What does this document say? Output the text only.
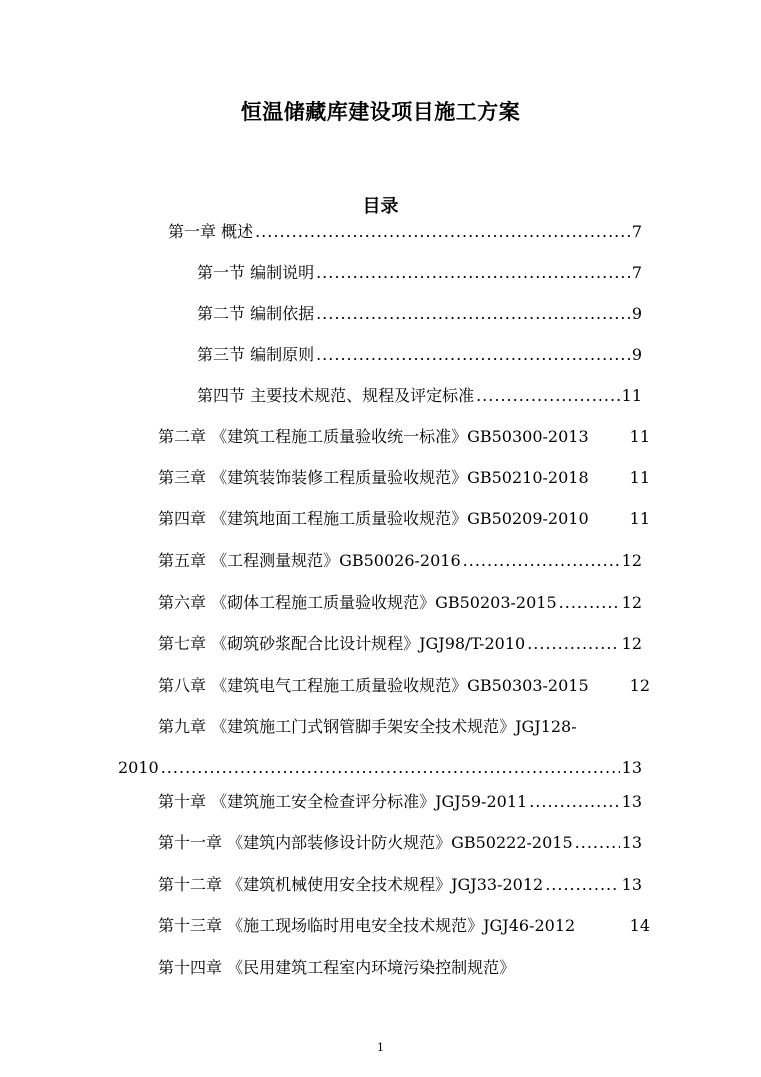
恒温储藏库建设项目施工方案
目录
第一章 概述 .....	7
第一节 编制说明 .....	7
第二节 编制依据 .....	9
第三节 编制原则 .....	9
第四节 主要技术规范、规程及评定标准 .....	11
第二章 《建筑工程施工质量验收统一标准》GB50300-2013	11
第三章 《建筑装饰装修工程质量验收规范》GB50210-2018	11
第四章 《建筑地面工程施工质量验收规范》GB50209-2010	11
第五章 《工程测量规范》GB50026-2016 .....	12
第六章 《砌体工程施工质量验收规范》GB50203-2015 .....	12
第七章 《砌筑砂浆配合比设计规程》JGJ98/T-2010 .....	12
第八章 《建筑电气工程施工质量验收规范》GB50303-2015	12
第九章 《建筑施工门式钢管脚手架安全技术规范》JGJ128-
2010 .....	13
第十章 《建筑施工安全检查评分标准》JGJ59-2011 .....	13
第十一章 《建筑内部装修设计防火规范》GB50222-2015 .....	13
第十二章 《建筑机械使用安全技术规程》JGJ33-2012 .....	13
第十三章 《施工现场临时用电安全技术规范》JGJ46-2012	14
第十四章 《民用建筑工程室内环境污染控制规范》
1
